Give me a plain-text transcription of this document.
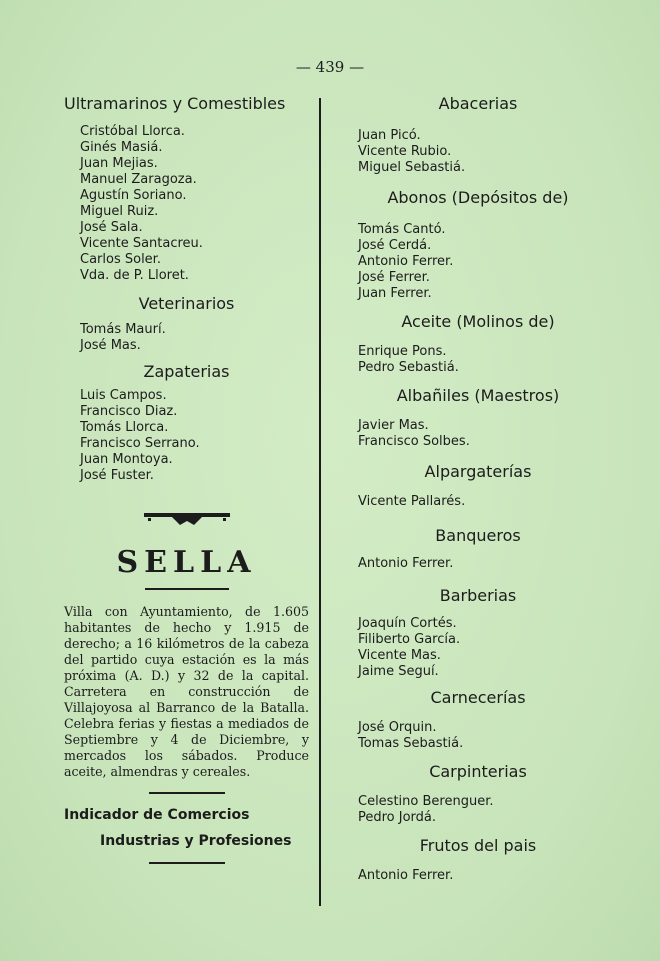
— 439 —
Ultramarinos y Comestibles
Cristóbal Llorca.
Ginés Masiá.
Juan Mejias.
Manuel Zaragoza.
Agustín Soriano.
Miguel Ruiz.
José Sala.
Vicente Santacreu.
Carlos Soler.
Vda. de P. Lloret.
Veterinarios
Tomás Maurí.
José Mas.
Zapaterias
Luis Campos.
Francisco Diaz.
Tomás Llorca.
Francisco Serrano.
Juan Montoya.
José Fuster.
SELLA

Villa con Ayuntamiento, de 1.605 habitantes de hecho y 1.915 de derecho; a 16 kilómetros de la cabeza del partido cuya estación es la más próxima (A. D.) y 32 de la capital. Carretera en construcción de Villajoyosa al Barranco de la Batalla. Celebra ferias y fiestas a mediados de Septiembre y 4 de Diciembre, y mercados los sábados. Produce aceite, almendras y cereales.

Indicador de Comercios
Industrias y Profesiones
Abacerias
Juan Picó.
Vicente Rubio.
Miguel Sebastiá.
Abonos (Depósitos de)
Tomás Cantó.
José Cerdá.
Antonio Ferrer.
José Ferrer.
Juan Ferrer.
Aceite (Molinos de)
Enrique Pons.
Pedro Sebastiá.
Albañiles (Maestros)
Javier Mas.
Francisco Solbes.
Alpargaterías
Vicente Pallarés.
Banqueros
Antonio Ferrer.
Barberias
Joaquín Cortés.
Filiberto García.
Vicente Mas.
Jaime Seguí.
Carnecerías
José Orquin.
Tomas Sebastiá.
Carpinterias
Celestino Berenguer.
Pedro Jordá.
Frutos del pais
Antonio Ferrer.
